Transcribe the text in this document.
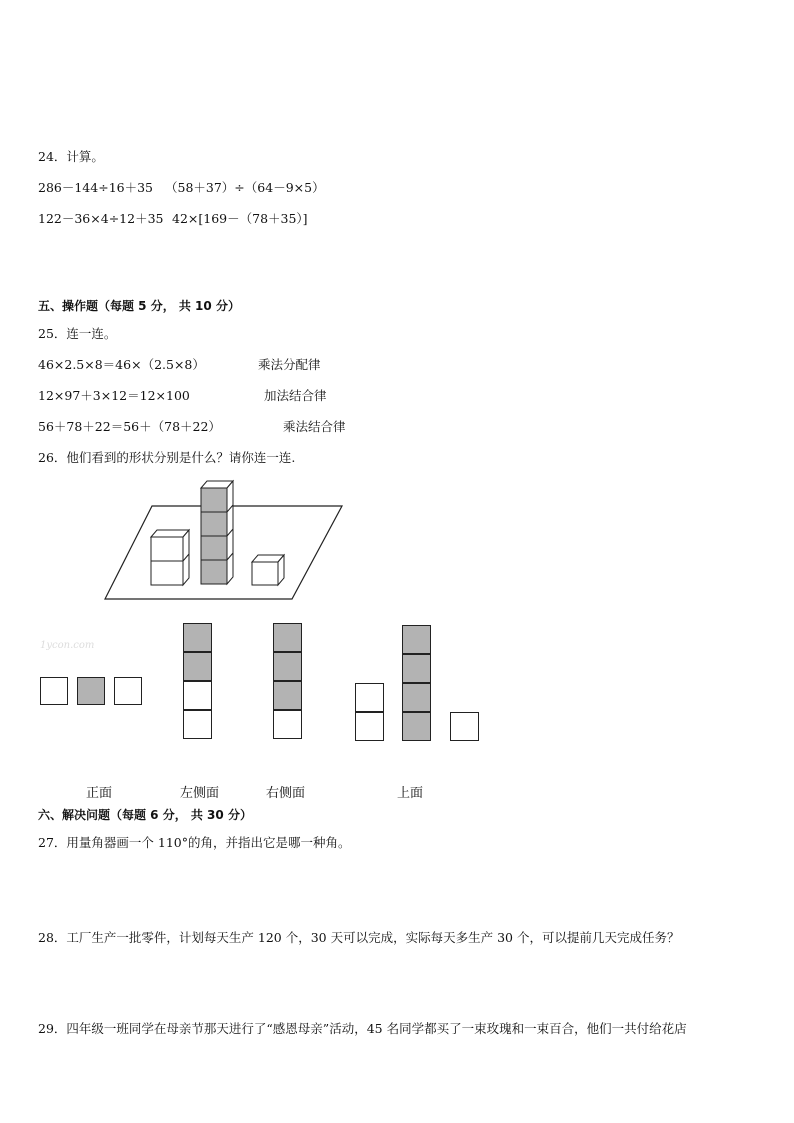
24．计算。
286－144÷16＋35 （58＋37）÷（64－9×5）
122－36×4÷12＋35 42×[169－（78＋35）]
五、操作题（每题 5 分， 共 10 分）
25．连一连。
46×2.5×8＝46×（2.5×8）	乘法分配律
12×97＋3×12＝12×100	加法结合律
56＋78＋22＝56＋（78＋22）	乘法结合律
26．他们看到的形状分别是什么？请你连一连.
1ycon.com
正面	左侧面	右侧面	上面
六、解决问题（每题 6 分， 共 30 分）
27．用量角器画一个 110°的角，并指出它是哪一种角。
28．工厂生产一批零件，计划每天生产 120 个，30 天可以完成，实际每天多生产 30 个，可以提前几天完成任务？
29．四年级一班同学在母亲节那天进行了“感恩母亲”活动，45 名同学都买了一束玫瑰和一束百合，他们一共付给花店
